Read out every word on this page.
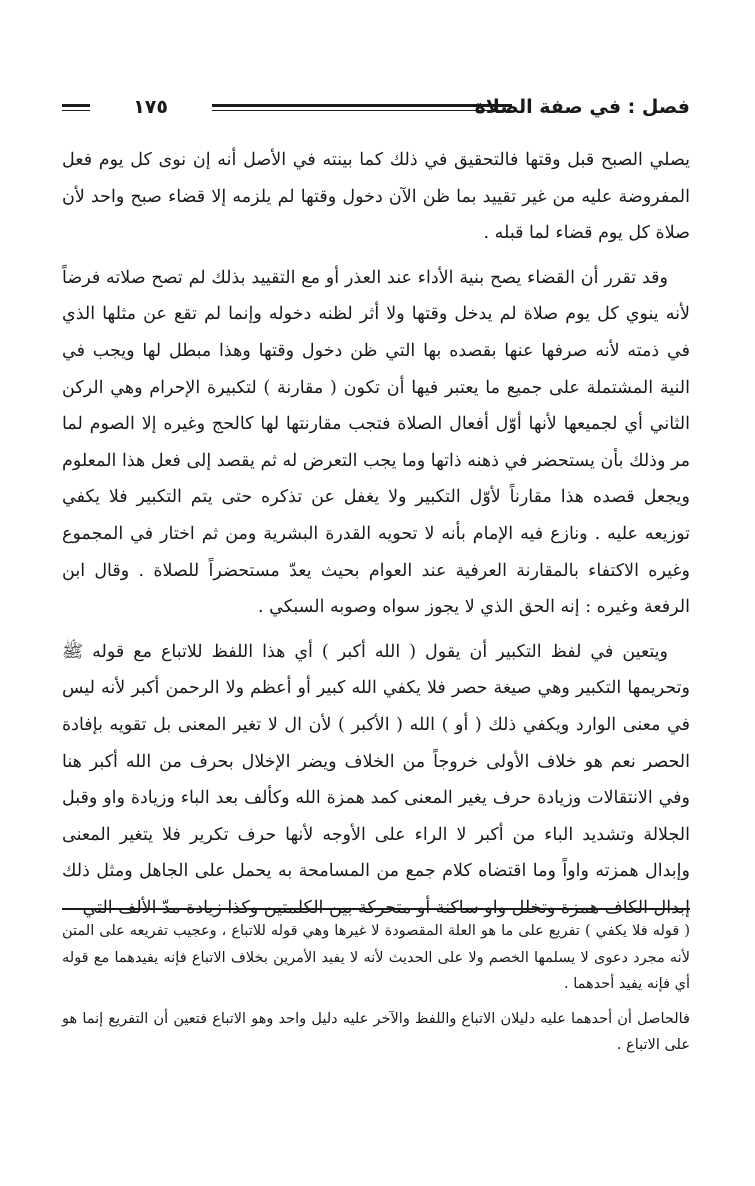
فصل : في صفة الصلاة
١٧٥

يصلي الصبح قبل وقتها فالتحقيق في ذلك كما بينته في الأصل أنه إن نوى كل يوم فعل المفروضة عليه من غير تقييد بما ظن الآن دخول وقتها لم يلزمه إلا قضاء صبح واحد لأن صلاة كل يوم قضاء لما قبله .

وقد تقرر أن القضاء يصح بنية الأداء عند العذر أو مع التقييد بذلك لم تصح صلاته فرضاً لأنه ينوي كل يوم صلاة لم يدخل وقتها ولا أثر لظنه دخوله وإنما لم تقع عن مثلها الذي في ذمته لأنه صرفها عنها بقصده بها التي ظن دخول وقتها وهذا مبطل لها ويجب في النية المشتملة على جميع ما يعتبر فيها أن تكون ( مقارنة ) لتكبيرة الإحرام وهي الركن الثاني أي لجميعها لأنها أوّل أفعال الصلاة فتجب مقارنتها لها كالحج وغيره إلا الصوم لما مر وذلك بأن يستحضر في ذهنه ذاتها وما يجب التعرض له ثم يقصد إلى فعل هذا المعلوم ويجعل قصده هذا مقارناً لأوّل التكبير ولا يغفل عن تذكره حتى يتم التكبير فلا يكفي توزيعه عليه . ونازع فيه الإمام بأنه لا تحويه القدرة البشرية ومن ثم اختار في المجموع وغيره الاكتفاء بالمقارنة العرفية عند العوام بحيث يعدّ مستحضراً للصلاة . وقال ابن الرفعة وغيره : إنه الحق الذي لا يجوز سواه وصوبه السبكي .

ويتعين في لفظ التكبير أن يقول ( الله أكبر ) أي هذا اللفظ للاتباع مع قوله ﷺ وتحريمها التكبير وهي صيغة حصر فلا يكفي الله كبير أو أعظم ولا الرحمن أكبر لأنه ليس في معنى الوارد ويكفي ذلك ( أو ) الله ( الأكبر ) لأن ال لا تغير المعنى بل تقويه بإفادة الحصر نعم هو خلاف الأولى خروجاً من الخلاف ويضر الإخلال بحرف من الله أكبر هنا وفي الانتقالات وزيادة حرف يغير المعنى كمد همزة الله وكألف بعد الباء وزيادة واو وقبل الجلالة وتشديد الباء من أكبر لا الراء على الأوجه لأنها حرف تكرير فلا يتغير المعنى وإبدال همزته واواً وما اقتضاه كلام جمع من المسامحة به يحمل على الجاهل ومثل ذلك إبدال الكاف همزة وتخلل واو ساكنة أو متحركة بين الكلمتين وكذا زيادة مدّ الألف التي

( قوله فلا يكفي ) تفريع على ما هو العلة المقصودة لا غيرها وهي قوله للاتباع ، وعجيب تفريعه على المتن لأنه مجرد دعوى لا يسلمها الخصم ولا على الحديث لأنه لا يفيد الأمرين بخلاف الاتباع فإنه يفيدهما مع قوله أي فإنه يفيد أحدهما .

فالحاصل أن أحدهما عليه دليلان الاتباع واللفظ والآخر عليه دليل واحد وهو الاتباع فتعين أن التفريع إنما هو على الاتباع .
